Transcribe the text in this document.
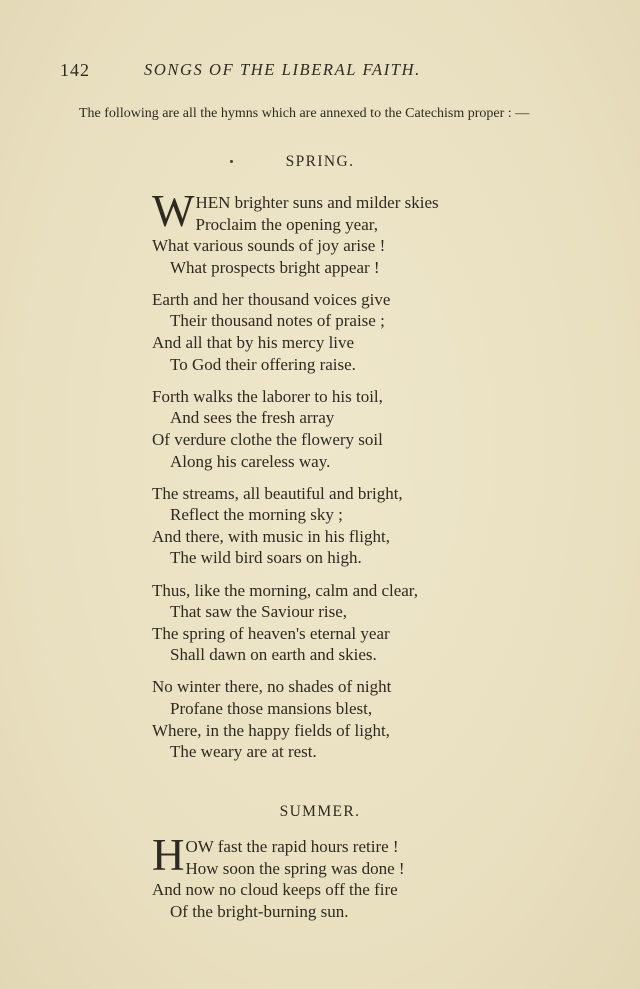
142	SONGS OF THE LIBERAL FAITH.
The following are all the hymns which are annexed to the Catechism proper : —
SPRING.
W HEN brighter suns and milder skies
Proclaim the opening year,
What various sounds of joy arise !
What prospects bright appear !
Earth and her thousand voices give
Their thousand notes of praise ;
And all that by his mercy live
To God their offering raise.
Forth walks the laborer to his toil,
And sees the fresh array
Of verdure clothe the flowery soil
Along his careless way.
The streams, all beautiful and bright,
Reflect the morning sky ;
And there, with music in his flight,
The wild bird soars on high.
Thus, like the morning, calm and clear,
That saw the Saviour rise,
The spring of heaven's eternal year
Shall dawn on earth and skies.
No winter there, no shades of night
Profane those mansions blest,
Where, in the happy fields of light,
The weary are at rest.
SUMMER.
H OW fast the rapid hours retire !
How soon the spring was done !
And now no cloud keeps off the fire
Of the bright-burning sun.
